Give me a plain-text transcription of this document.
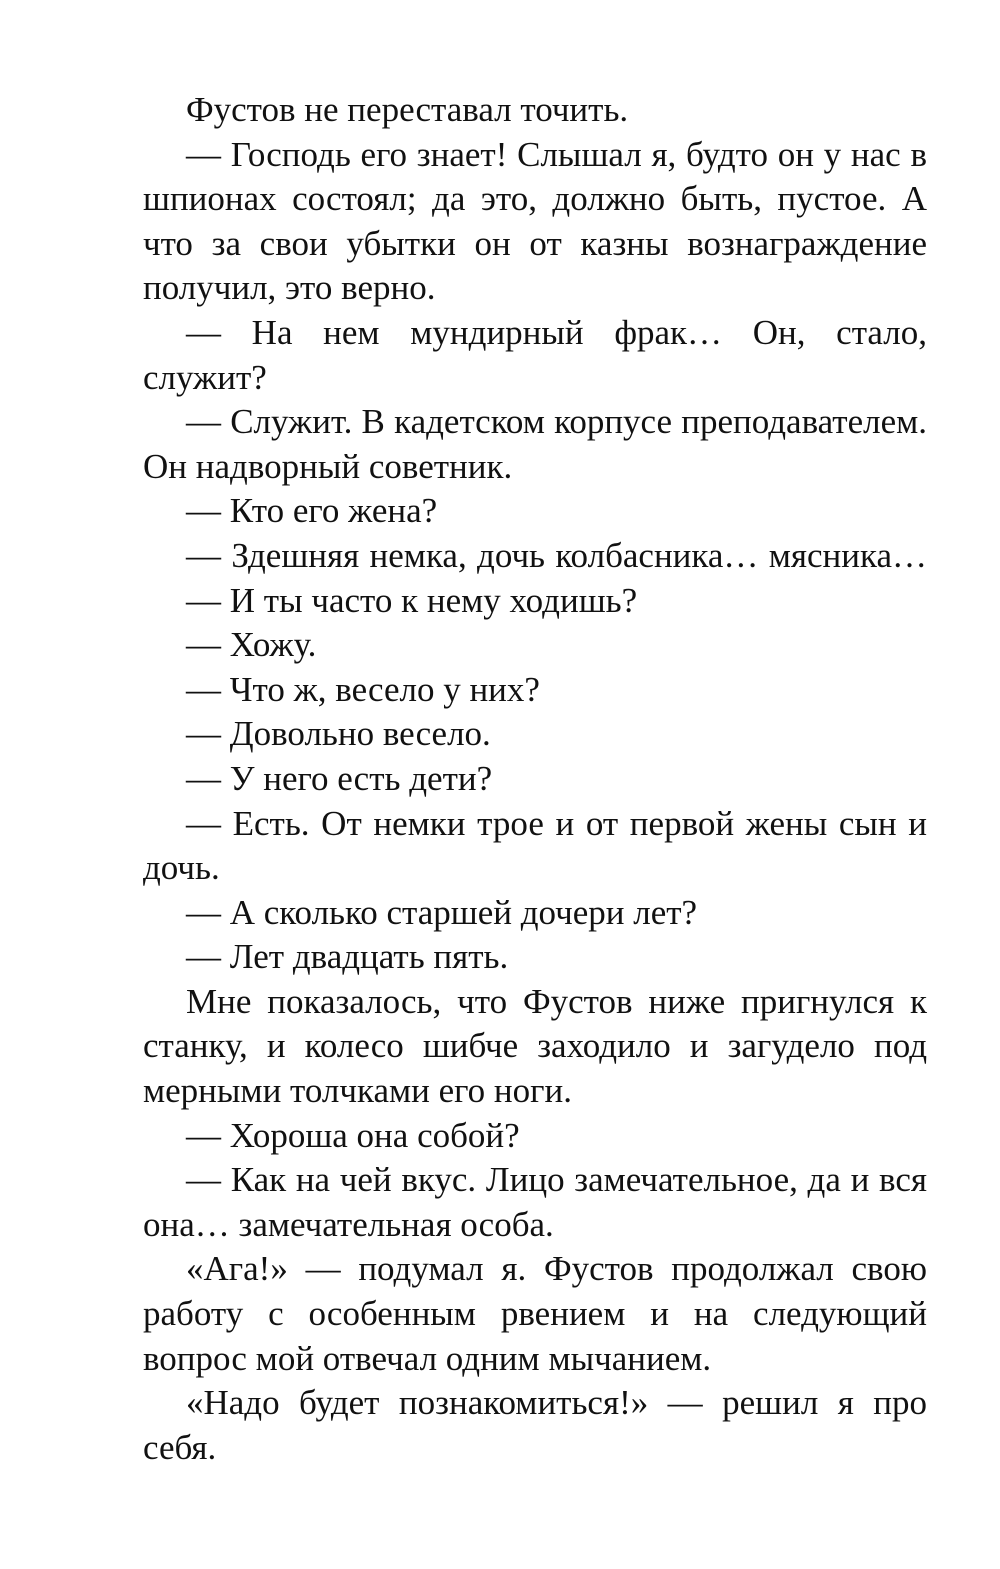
Фустов не переставал точить.

— Господь его знает! Слышал я, будто он у нас в шпионах состоял; да это, должно быть, пустое. А что за свои убытки он от казны вознаграждение получил, это верно.

— На нем мундирный фрак… Он, стало, служит?

— Служит. В кадетском корпусе преподавателем. Он надворный советник.

— Кто его жена?

— Здешняя немка, дочь колбасника… мясника…

— И ты часто к нему ходишь?

— Хожу.

— Что ж, весело у них?

— Довольно весело.

— У него есть дети?

— Есть. От немки трое и от первой жены сын и дочь.

— А сколько старшей дочери лет?

— Лет двадцать пять.

Мне показалось, что Фустов ниже пригнулся к станку, и колесо шибче заходило и загудело под мерными толчками его ноги.

— Хороша она собой?

— Как на чей вкус. Лицо замечательное, да и вся она… замечательная особа.

«Ага!» — подумал я. Фустов продолжал свою работу с особенным рвением и на следующий вопрос мой отвечал одним мычанием.

«Надо будет познакомиться!» — решил я про себя.
